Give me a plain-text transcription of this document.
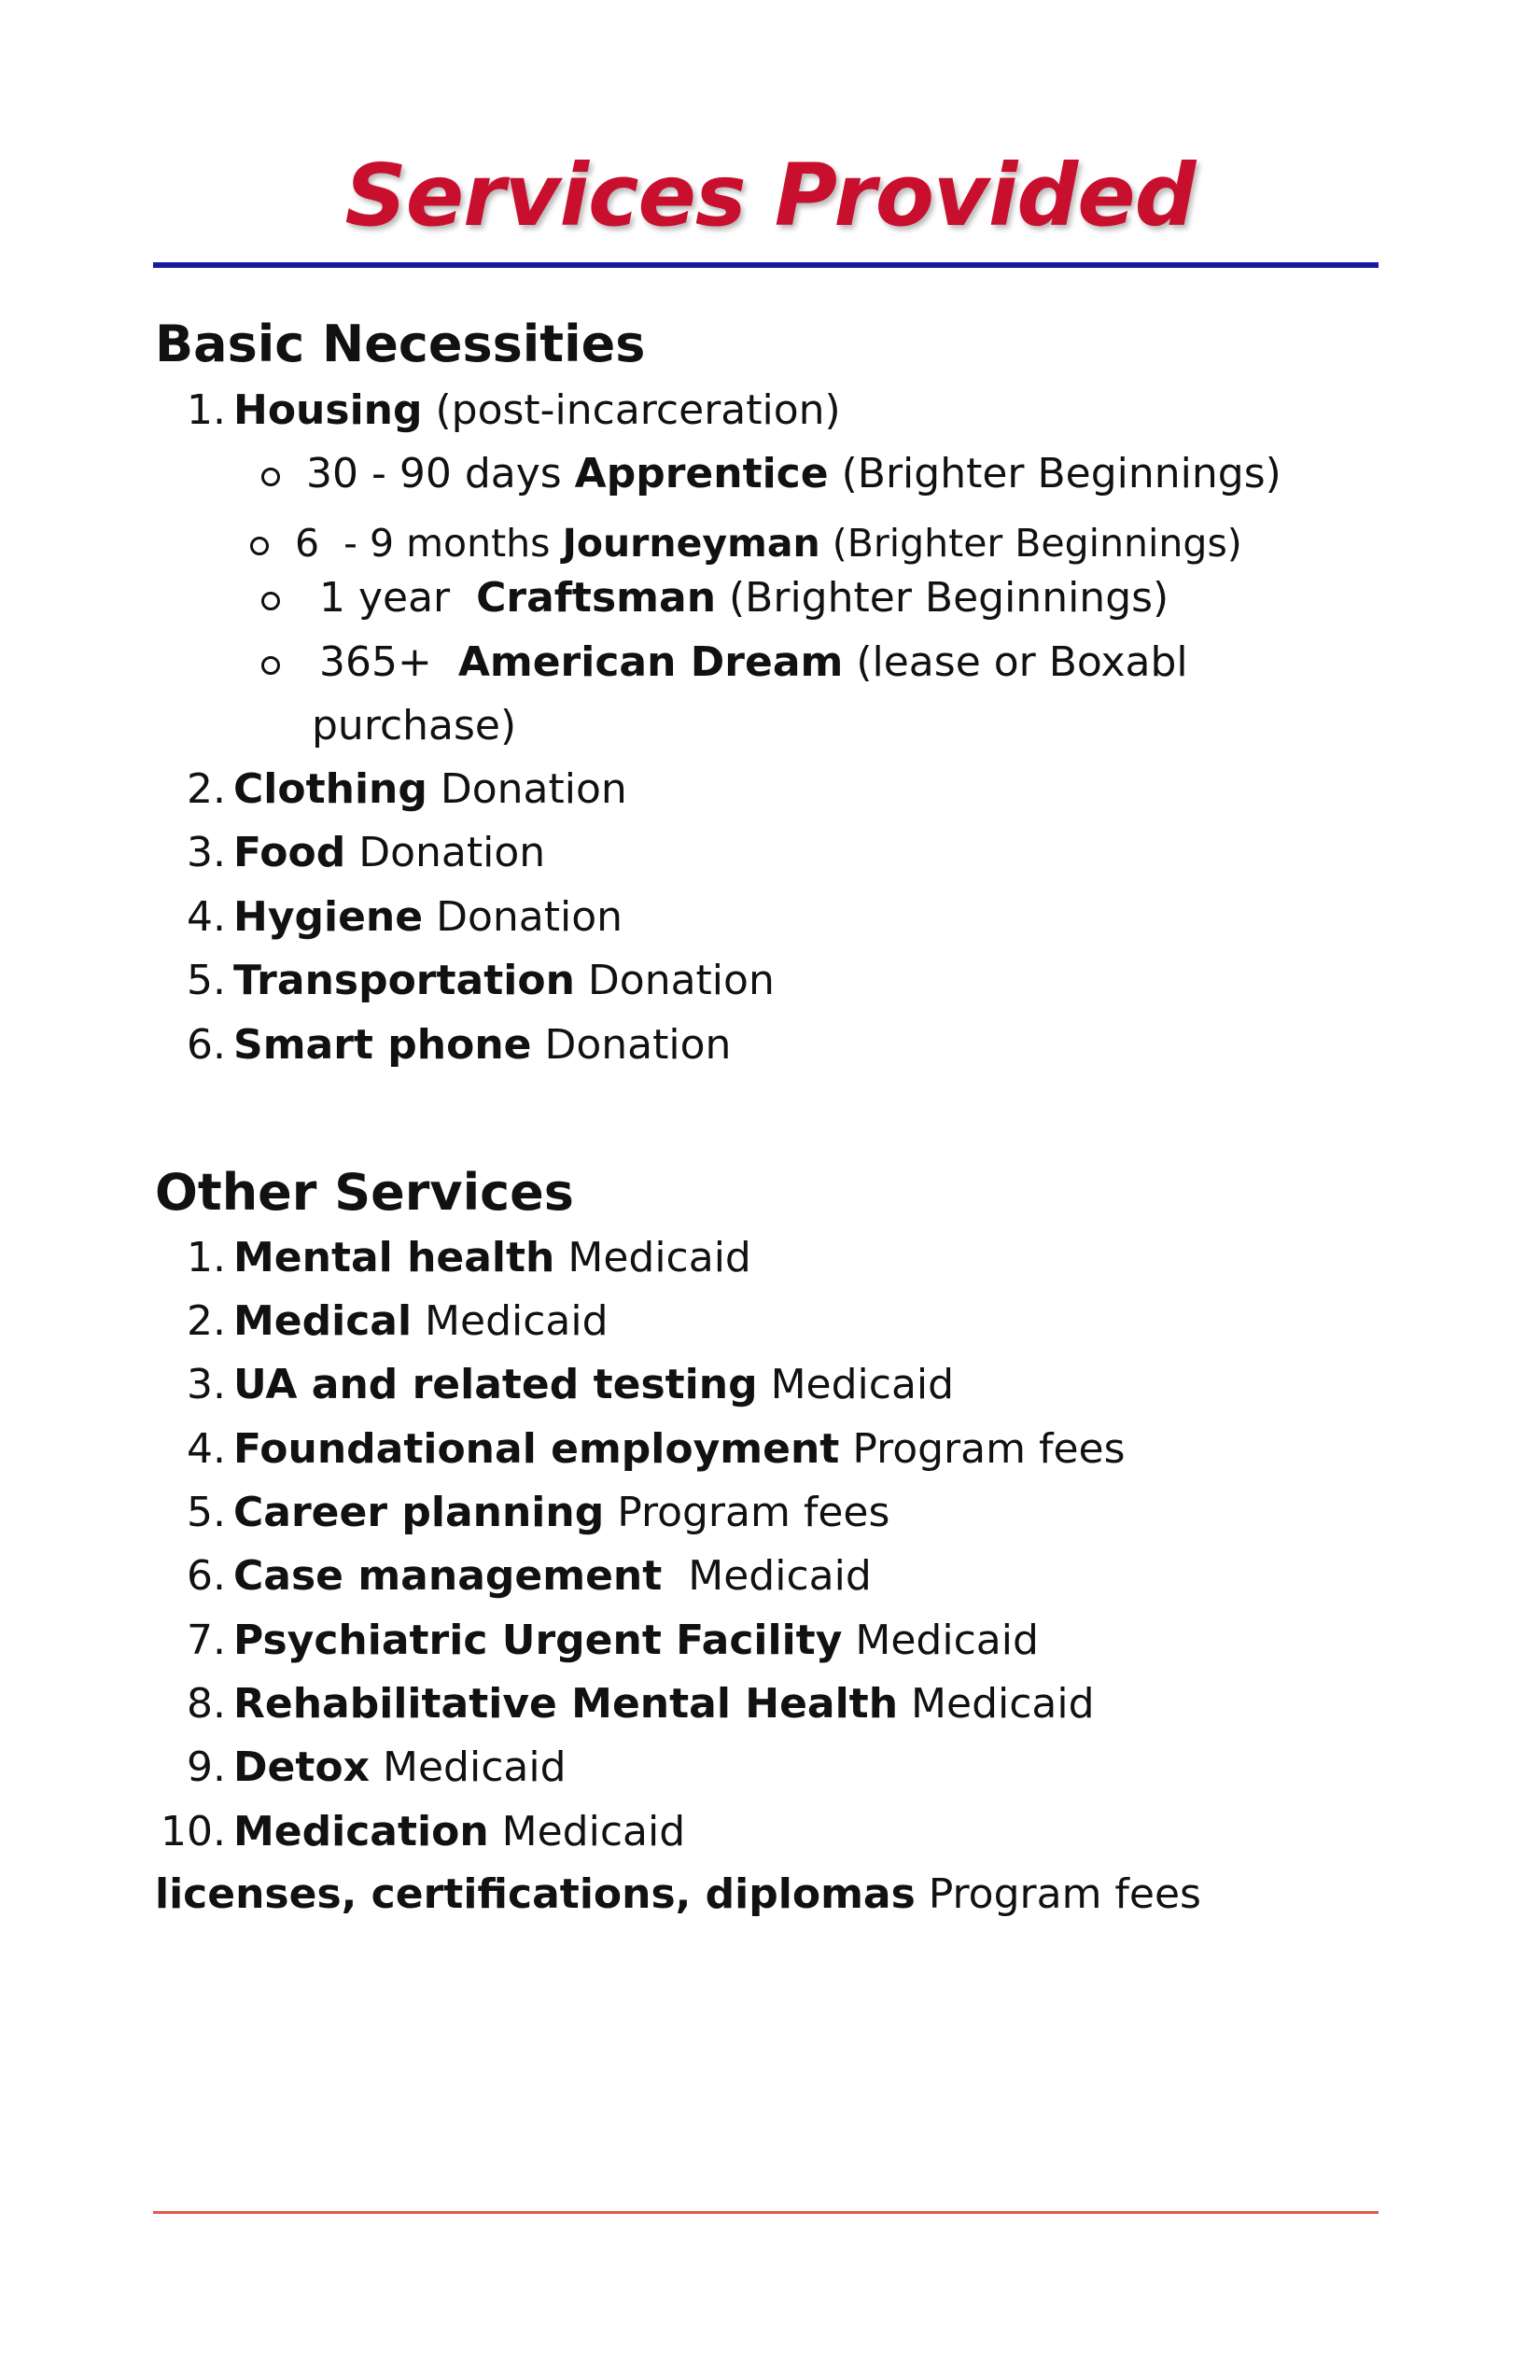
Services Provided
Basic Necessities
1. Housing (post-incarceration)
30 - 90 days Apprentice (Brighter Beginnings)
6  - 9 months Journeyman (Brighter Beginnings)
1 year  Craftsman (Brighter Beginnings)
365+  American Dream (lease or Boxabl
purchase)
2. Clothing Donation
3. Food Donation
4. Hygiene Donation
5. Transportation Donation
6. Smart phone Donation
Other Services
1. Mental health Medicaid
2. Medical Medicaid
3. UA and related testing Medicaid
4. Foundational employment Program fees
5. Career planning Program fees
6. Case management  Medicaid
7. Psychiatric Urgent Facility Medicaid
8. Rehabilitative Mental Health Medicaid
9. Detox Medicaid
10. Medication Medicaid
licenses, certifications, diplomas Program fees
